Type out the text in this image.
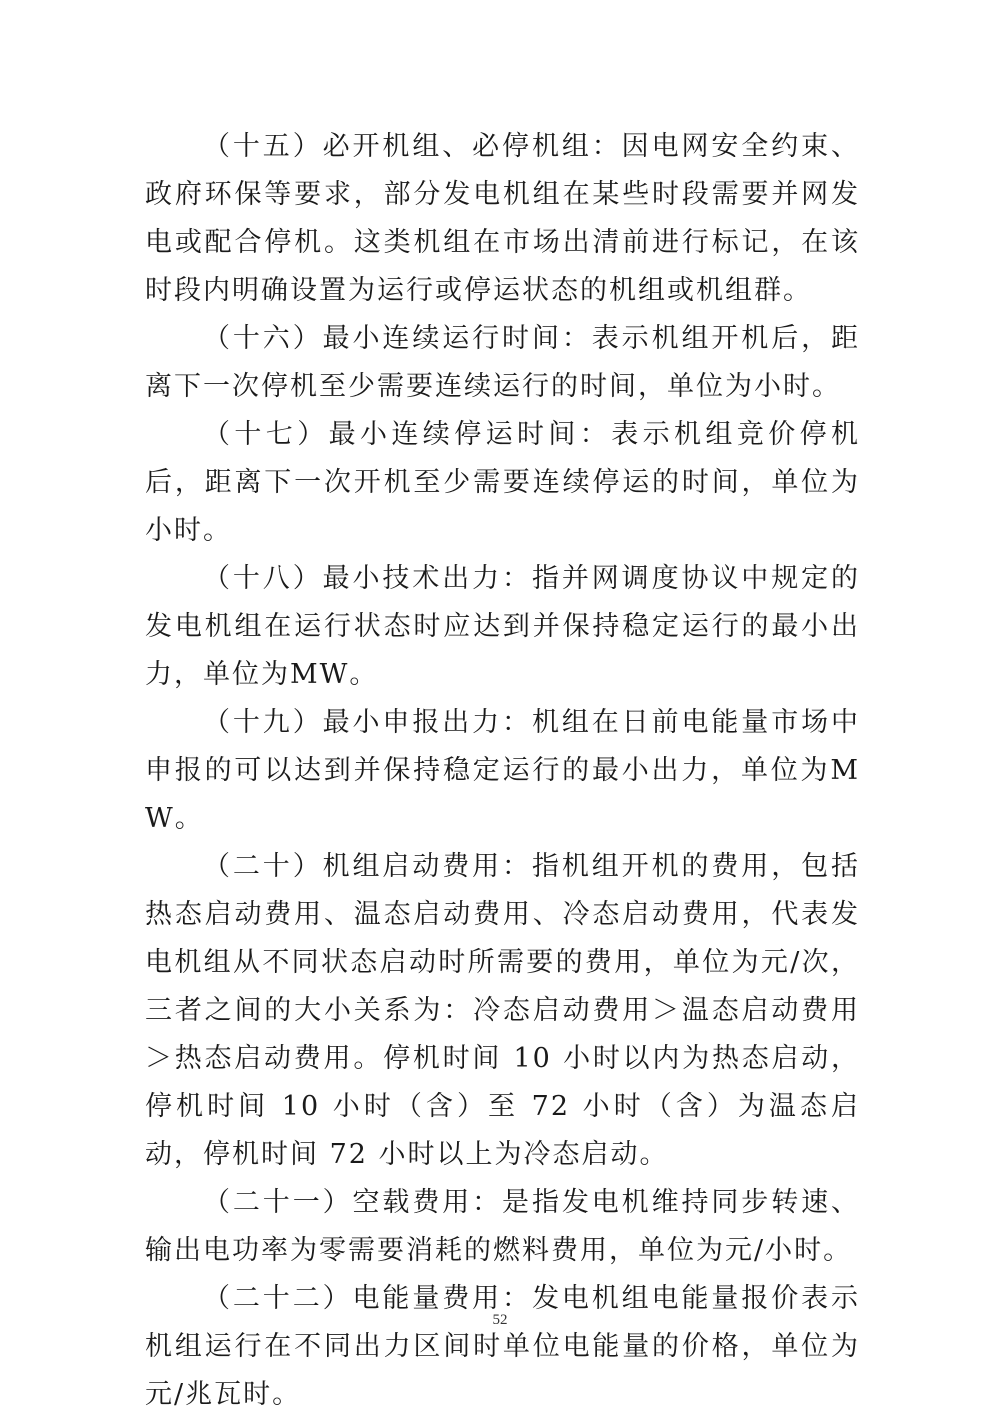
（十五）必开机组、必停机组：因电网安全约束、政府环保等要求，部分发电机组在某些时段需要并网发电或配合停机。这类机组在市场出清前进行标记，在该时段内明确设置为运行或停运状态的机组或机组群。

（十六）最小连续运行时间：表示机组开机后，距离下一次停机至少需要连续运行的时间，单位为小时。

（十七）最小连续停运时间：表示机组竞价停机后，距离下一次开机至少需要连续停运的时间，单位为小时。

（十八）最小技术出力：指并网调度协议中规定的发电机组在运行状态时应达到并保持稳定运行的最小出力，单位为MW。

（十九）最小申报出力：机组在日前电能量市场中申报的可以达到并保持稳定运行的最小出力，单位为MW。

（二十）机组启动费用：指机组开机的费用，包括热态启动费用、温态启动费用、冷态启动费用，代表发电机组从不同状态启动时所需要的费用，单位为元/次，三者之间的大小关系为：冷态启动费用＞温态启动费用＞热态启动费用。停机时间 10 小时以内为热态启动，停机时间 10 小时（含）至 72 小时（含）为温态启动，停机时间 72 小时以上为冷态启动。

（二十一）空载费用：是指发电机维持同步转速、输出电功率为零需要消耗的燃料费用，单位为元/小时。

（二十二）电能量费用：发电机组电能量报价表示机组运行在不同出力区间时单位电能量的价格，单位为元/兆瓦时。

52
